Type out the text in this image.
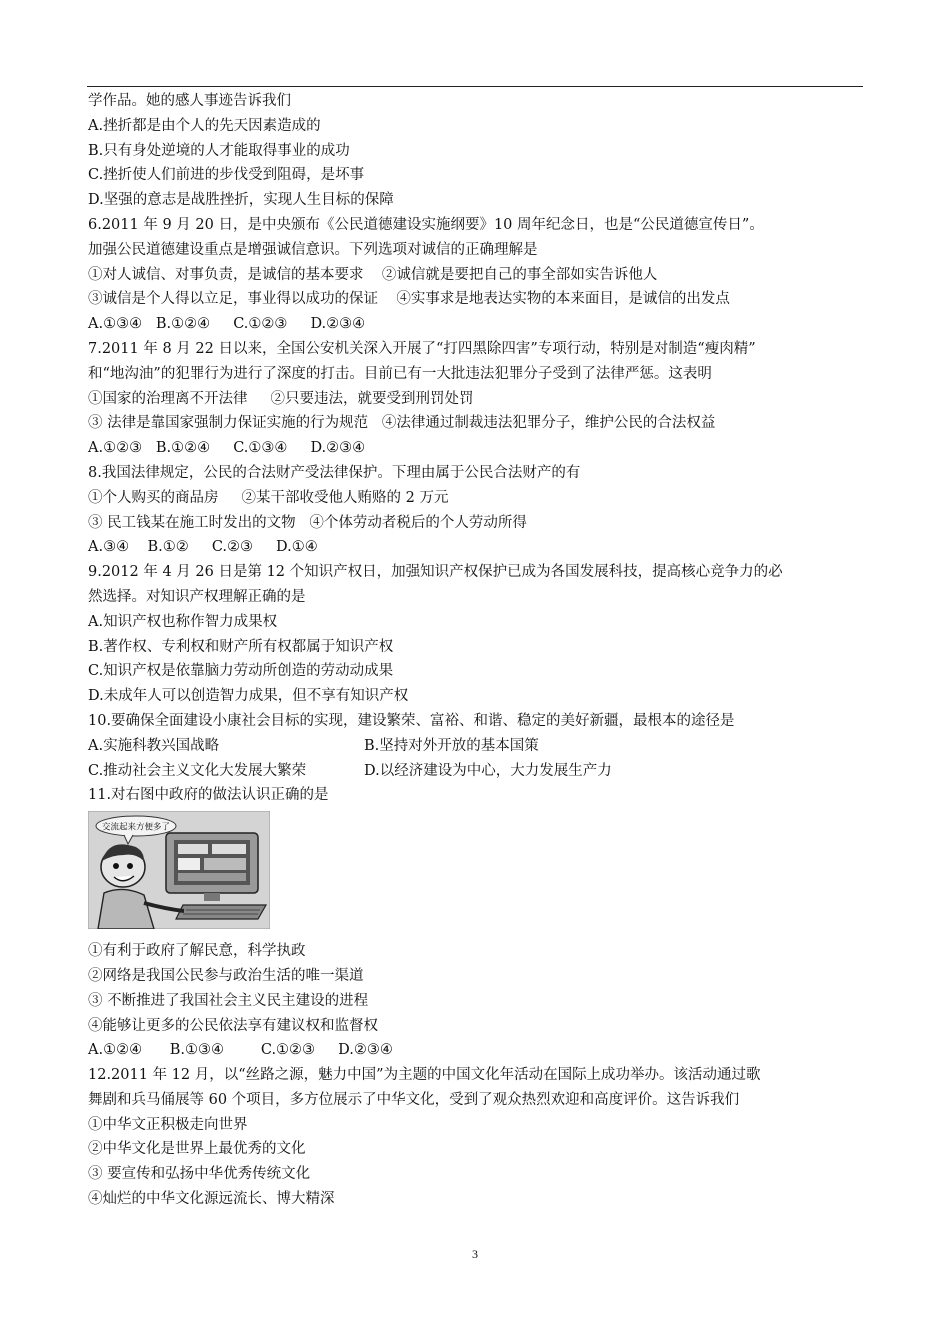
学作品。她的感人事迹告诉我们
A.挫折都是由个人的先天因素造成的
B.只有身处逆境的人才能取得事业的成功
C.挫折使人们前进的步伐受到阻碍，是坏事
D.坚强的意志是战胜挫折，实现人生目标的保障
6.2011 年 9 月 20 日，是中央颁布《公民道德建设实施纲要》10 周年纪念日，也是“公民道德宣传日”。
加强公民道德建设重点是增强诚信意识。下列选项对诚信的正确理解是
①对人诚信、对事负责，是诚信的基本要求    ②诚信就是要把自己的事全部如实告诉他人
③诚信是个人得以立足，事业得以成功的保证    ④实事求是地表达实物的本来面目，是诚信的出发点
A.①③④   B.①②④     C.①②③     D.②③④
7.2011 年 8 月 22 日以来，全国公安机关深入开展了“打四黑除四害”专项行动，特别是对制造“瘦肉精”
和“地沟油”的犯罪行为进行了深度的打击。目前已有一大批违法犯罪分子受到了法律严惩。这表明
①国家的治理离不开法律     ②只要违法，就要受到刑罚处罚
③ 法律是靠国家强制力保证实施的行为规范   ④法律通过制裁违法犯罪分子，维护公民的合法权益
A.①②③   B.①②④     C.①③④     D.②③④
8.我国法律规定，公民的合法财产受法律保护。下理由属于公民合法财产的有
①个人购买的商品房     ②某干部收受他人贿赂的 2 万元
③ 民工钱某在施工时发出的文物   ④个体劳动者税后的个人劳动所得
A.③④    B.①②     C.②③     D.①④
9.2012 年 4 月 26 日是第 12 个知识产权日，加强知识产权保护已成为各国发展科技，提高核心竞争力的必
然选择。对知识产权理解正确的是
A.知识产权也称作智力成果权
B.著作权、专利权和财产所有权都属于知识产权
C.知识产权是依靠脑力劳动所创造的劳动动成果
D.未成年人可以创造智力成果，但不享有知识产权
10.要确保全面建设小康社会目标的实现，建设繁荣、富裕、和谐、稳定的美好新疆，最根本的途径是
A.实施科教兴国战略	B.坚持对外开放的基本国策
C.推动社会主义文化大发展大繁荣	D.以经济建设为中心，大力发展生产力
11.对右图中政府的做法认识正确的是
交流起来方便多了
①有利于政府了解民意，科学执政
②网络是我国公民参与政治生活的唯一渠道
③ 不断推进了我国社会主义民主建设的进程
④能够让更多的公民依法享有建议权和监督权
A.①②④      B.①③④        C.①②③     D.②③④
12.2011 年 12 月，以“丝路之源，魅力中国”为主题的中国文化年活动在国际上成功举办。该活动通过歌
舞剧和兵马俑展等 60 个项目，多方位展示了中华文化，受到了观众热烈欢迎和高度评价。这告诉我们
①中华文正积极走向世界
②中华文化是世界上最优秀的文化
③ 要宣传和弘扬中华优秀传统文化
④灿烂的中华文化源远流长、博大精深
3
